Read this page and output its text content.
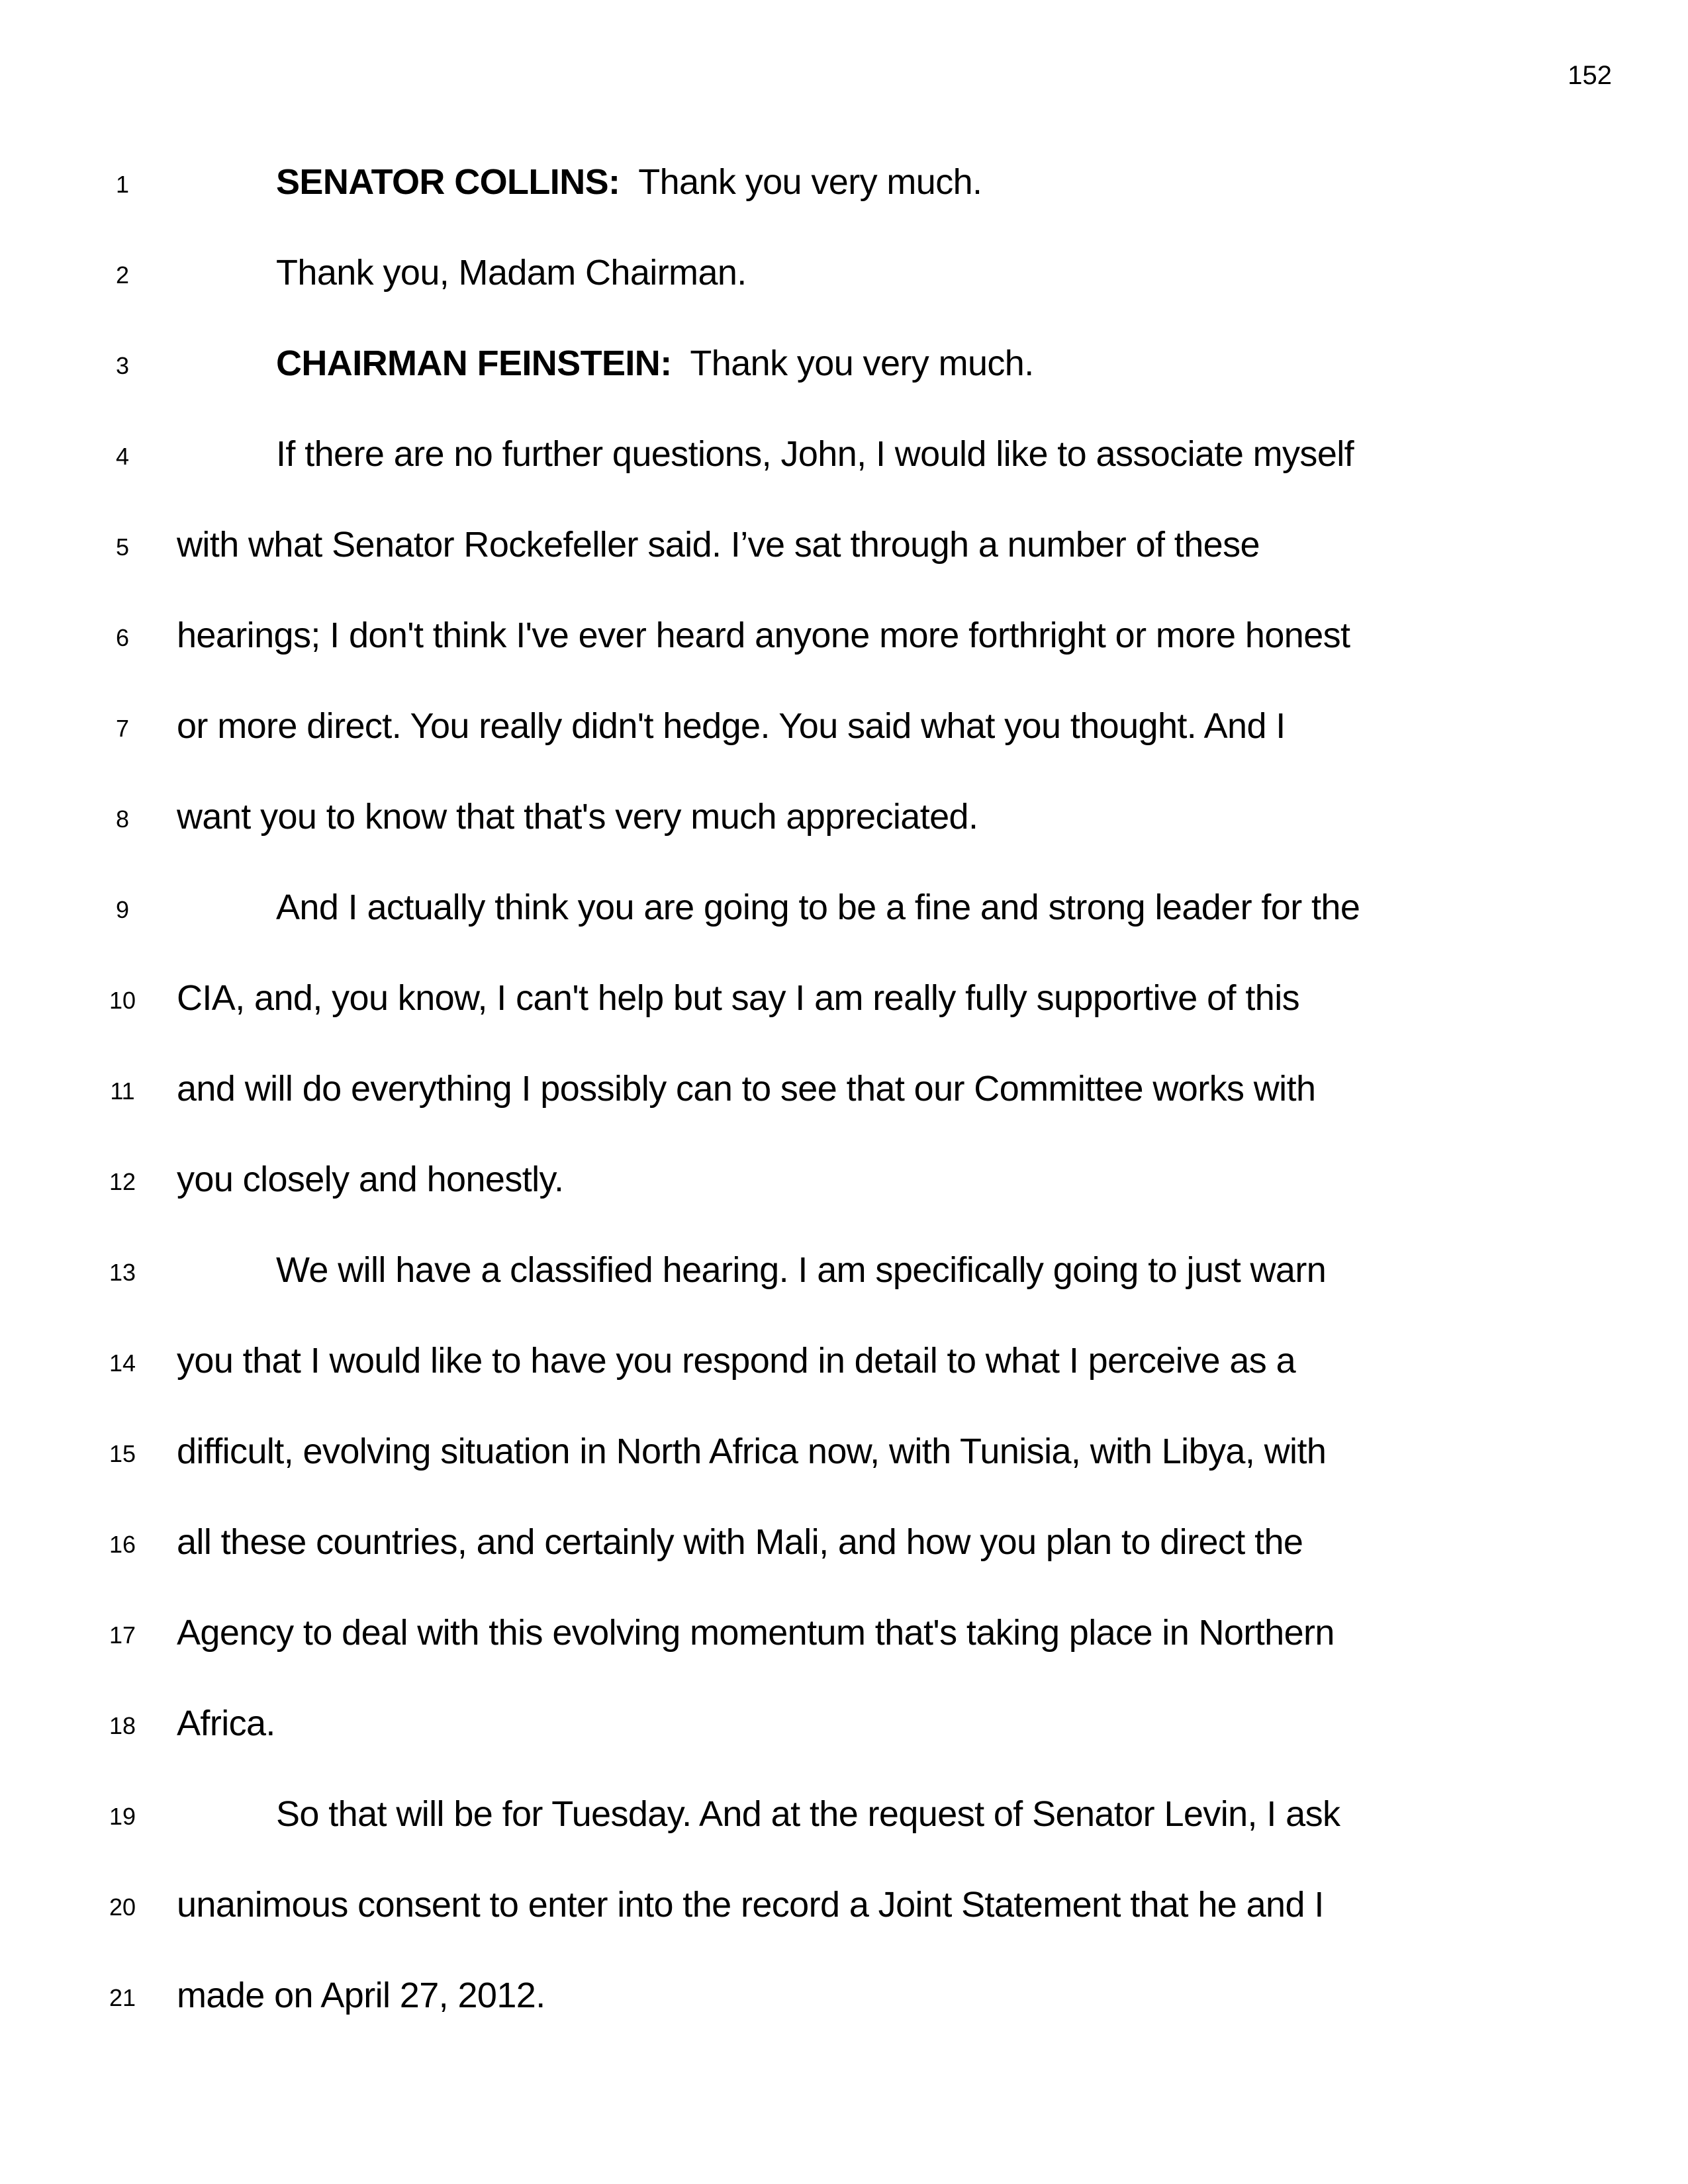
152
1	SENATOR COLLINS:  Thank you very much.
2	Thank you, Madam Chairman.
3	CHAIRMAN FEINSTEIN:  Thank you very much.
4	If there are no further questions, John, I would like to associate myself
5	with what Senator Rockefeller said. I’ve sat through a number of these
6	hearings; I don't think I've ever heard anyone more forthright or more honest
7	or more direct. You really didn't hedge. You said what you thought. And I
8	want you to know that that's very much appreciated.
9	And I actually think you are going to be a fine and strong leader for the
10 CIA, and, you know, I can't help but say I am really fully supportive of this
11	and will do everything I possibly can to see that our Committee works with
12 you closely and honestly.
13	We will have a classified hearing. I am specifically going to just warn
14 you that I would like to have you respond in detail to what I perceive as a
15 difficult, evolving situation in North Africa now, with Tunisia, with Libya, with
16 all these countries, and certainly with Mali, and how you plan to direct the
17 Agency to deal with this evolving momentum that's taking place in Northern
18 Africa.
19	So that will be for Tuesday. And at the request of Senator Levin, I ask
20 unanimous consent to enter into the record a Joint Statement that he and I
21 made on April 27, 2012.
